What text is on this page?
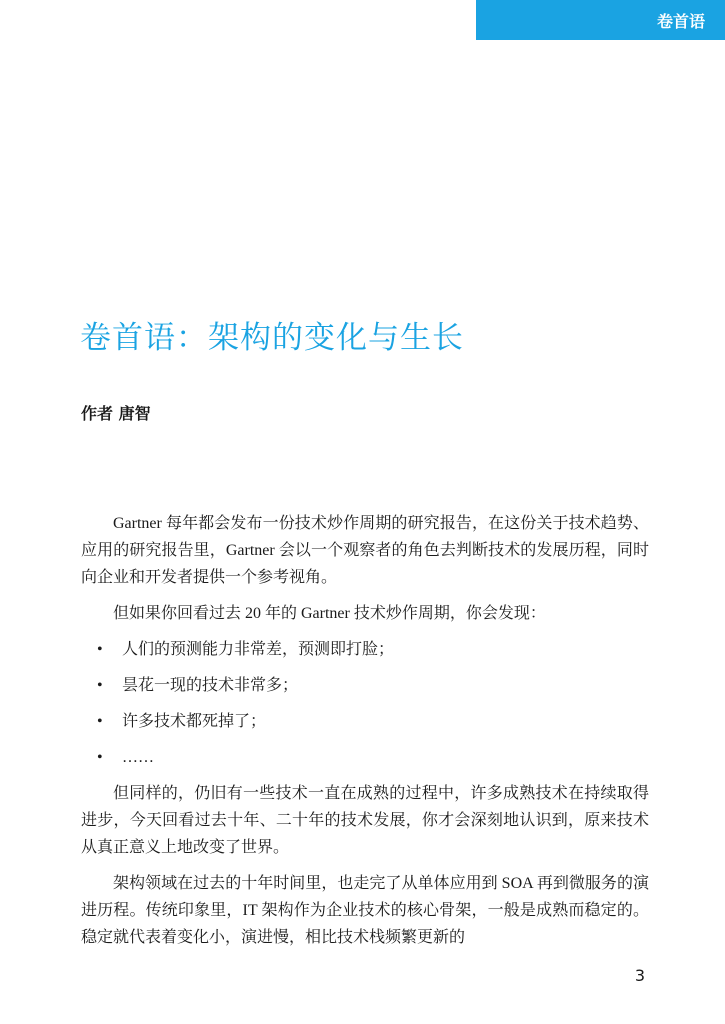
卷首语
卷首语：架构的变化与生长
作者 唐智

Gartner 每年都会发布一份技术炒作周期的研究报告，在这份关于技术趋势、应用的研究报告里，Gartner 会以一个观察者的角色去判断技术的发展历程，同时向企业和开发者提供一个参考视角。

但如果你回看过去 20 年的 Gartner 技术炒作周期，你会发现：

• 人们的预测能力非常差，预测即打脸；
• 昙花一现的技术非常多；
• 许多技术都死掉了；
• ……

但同样的，仍旧有一些技术一直在成熟的过程中，许多成熟技术在持续取得进步，今天回看过去十年、二十年的技术发展，你才会深刻地认识到，原来技术从真正意义上地改变了世界。

架构领域在过去的十年时间里，也走完了从单体应用到 SOA 再到微服务的演进历程。传统印象里，IT 架构作为企业技术的核心骨架，一般是成熟而稳定的。稳定就代表着变化小，演进慢，相比技术栈频繁更新的

3
